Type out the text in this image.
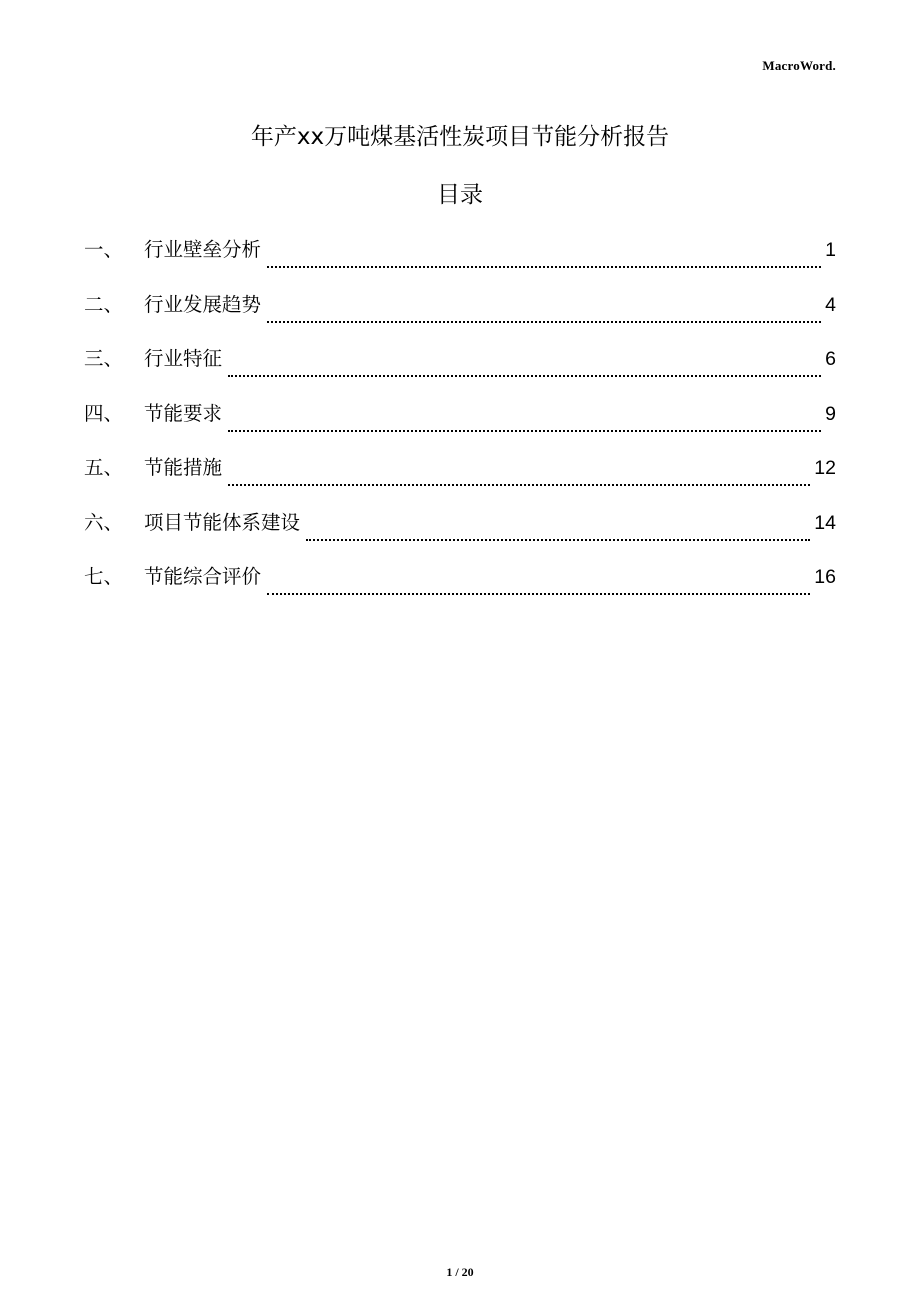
MacroWord.
年产xx万吨煤基活性炭项目节能分析报告
目录
一、	行业壁垒分析	1
二、	行业发展趋势	4
三、	行业特征	6
四、	节能要求	9
五、	节能措施	12
六、	项目节能体系建设	14
七、	节能综合评价	16
1 / 20
